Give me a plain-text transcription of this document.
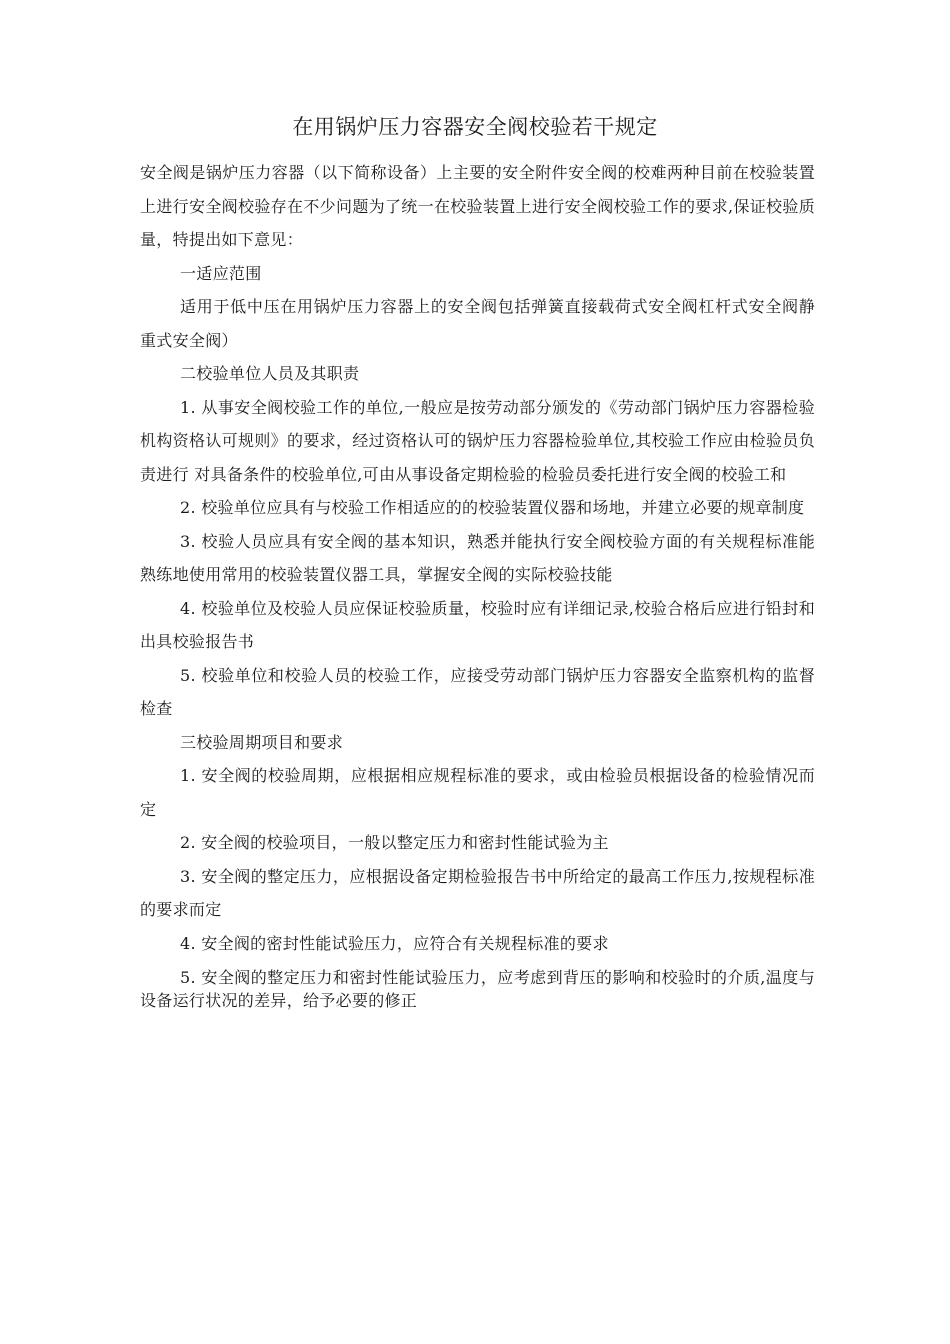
在用锅炉压力容器安全阀校验若干规定

安全阀是锅炉压力容器（以下简称设备）上主要的安全附件安全阀的校难两种目前在校验装置上进行安全阀校验存在不少问题为了统一在校验装置上进行安全阀校验工作的要求,保证校验质量，特提出如下意见：

一适应范围

适用于低中压在用锅炉压力容器上的安全阀包括弹簧直接载荷式安全阀杠杆式安全阀静重式安全阀）

二校验单位人员及其职责

1. 从事安全阀校验工作的单位,一般应是按劳动部分颁发的《劳动部门锅炉压力容器检验机构资格认可规则》的要求，经过资格认可的锅炉压力容器检验单位,其校验工作应由检验员负责进行 对具备条件的校验单位,可由从事设备定期检验的检验员委托进行安全阀的校验工和

2. 校验单位应具有与校验工作相适应的的校验装置仪器和场地，并建立必要的规章制度

3. 校验人员应具有安全阀的基本知识，熟悉并能执行安全阀校验方面的有关规程标准能熟练地使用常用的校验装置仪器工具，掌握安全阀的实际校验技能

4. 校验单位及校验人员应保证校验质量，校验时应有详细记录,校验合格后应进行铅封和出具校验报告书

5. 校验单位和校验人员的校验工作，应接受劳动部门锅炉压力容器安全监察机构的监督检查

三校验周期项目和要求

1. 安全阀的校验周期，应根据相应规程标准的要求，或由检验员根据设备的检验情况而定

2. 安全阀的校验项目，一般以整定压力和密封性能试验为主

3. 安全阀的整定压力，应根据设备定期检验报告书中所给定的最高工作压力,按规程标准的要求而定

4. 安全阀的密封性能试验压力，应符合有关规程标准的要求

5. 安全阀的整定压力和密封性能试验压力，应考虑到背压的影响和校验时的介质,温度与设备运行状况的差异，给予必要的修正
